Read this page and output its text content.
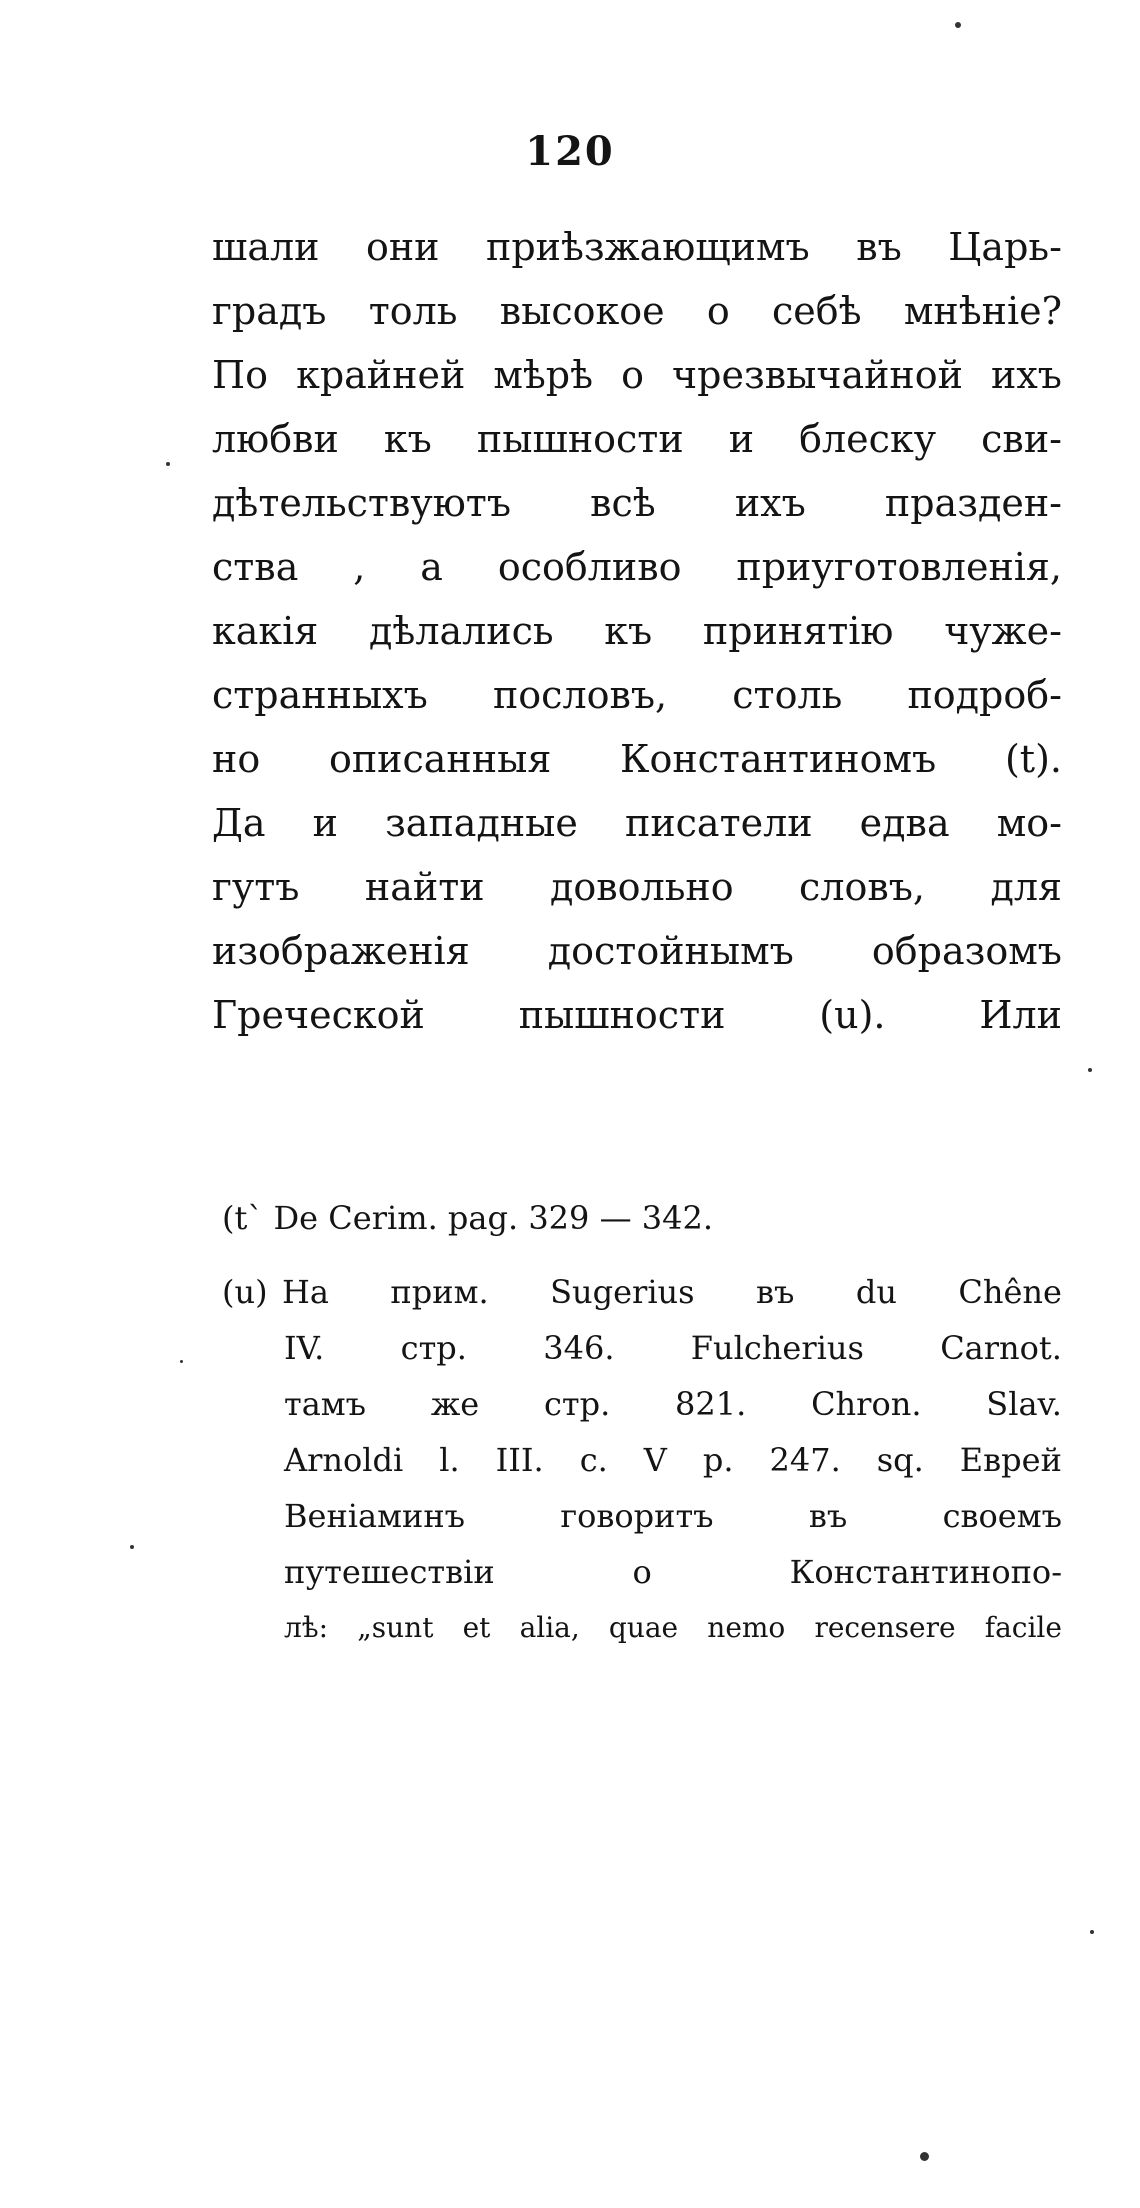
120
шали они приѣзжающимъ въ Царь-
градъ толь высокое о себѣ мнѣніе?
По крайней мѣрѣ о чрезвычайной ихъ
любви къ пышности и блеску сви-
дѣтельствуютъ всѣ ихъ празден-
ства , а особливо приуготовленія,
какія дѣлались къ принятію чуже-
странныхъ пословъ, столь подроб-
но описанныя Константиномъ (t).
Да и западные писатели едва мо-
гутъ найти довольно словъ, для
изображенія достойнымъ образомъ
Греческой пышности (u). Или
(t` De Cerim. pag. 329 — 342.
(u) На прим. Sugerius въ du Chêne
IV. стр. 346. Fulcherius Carnot.
тамъ же стр. 821. Chron. Slav.
Arnoldi l. III. c. V p. 247. sq. Еврей
Веніаминъ	говоритъ	въ	своемъ
путешествіи	о	Константинопо-
лѣ: „sunt et alia, quae nemo recensere facile
